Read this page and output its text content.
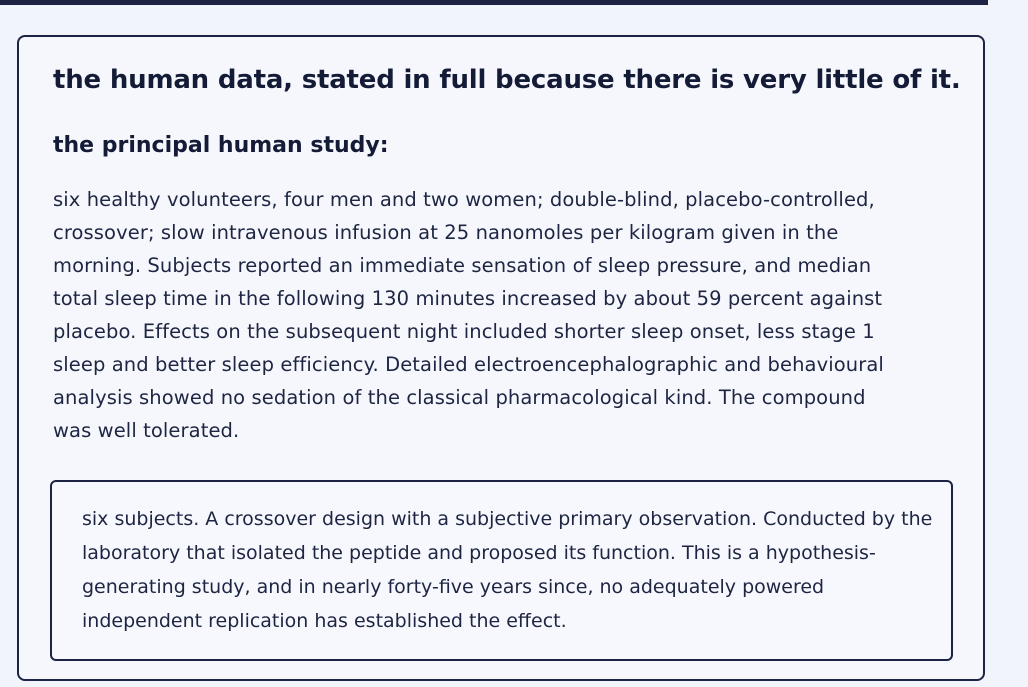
the human data, stated in full because there is very little of it.
the principal human study:

six healthy volunteers, four men and two women; double-blind, placebo-controlled, crossover; slow intravenous infusion at 25 nanomoles per kilogram given in the morning. Subjects reported an immediate sensation of sleep pressure, and median total sleep time in the following 130 minutes increased by about 59 percent against placebo. Effects on the subsequent night included shorter sleep onset, less stage 1 sleep and better sleep efficiency. Detailed electroencephalographic and behavioural analysis showed no sedation of the classical pharmacological kind. The compound was well tolerated.

six subjects. A crossover design with a subjective primary observation. Conducted by the laboratory that isolated the peptide and proposed its function. This is a hypothesis-generating study, and in nearly forty-five years since, no adequately powered independent replication has established the effect.
